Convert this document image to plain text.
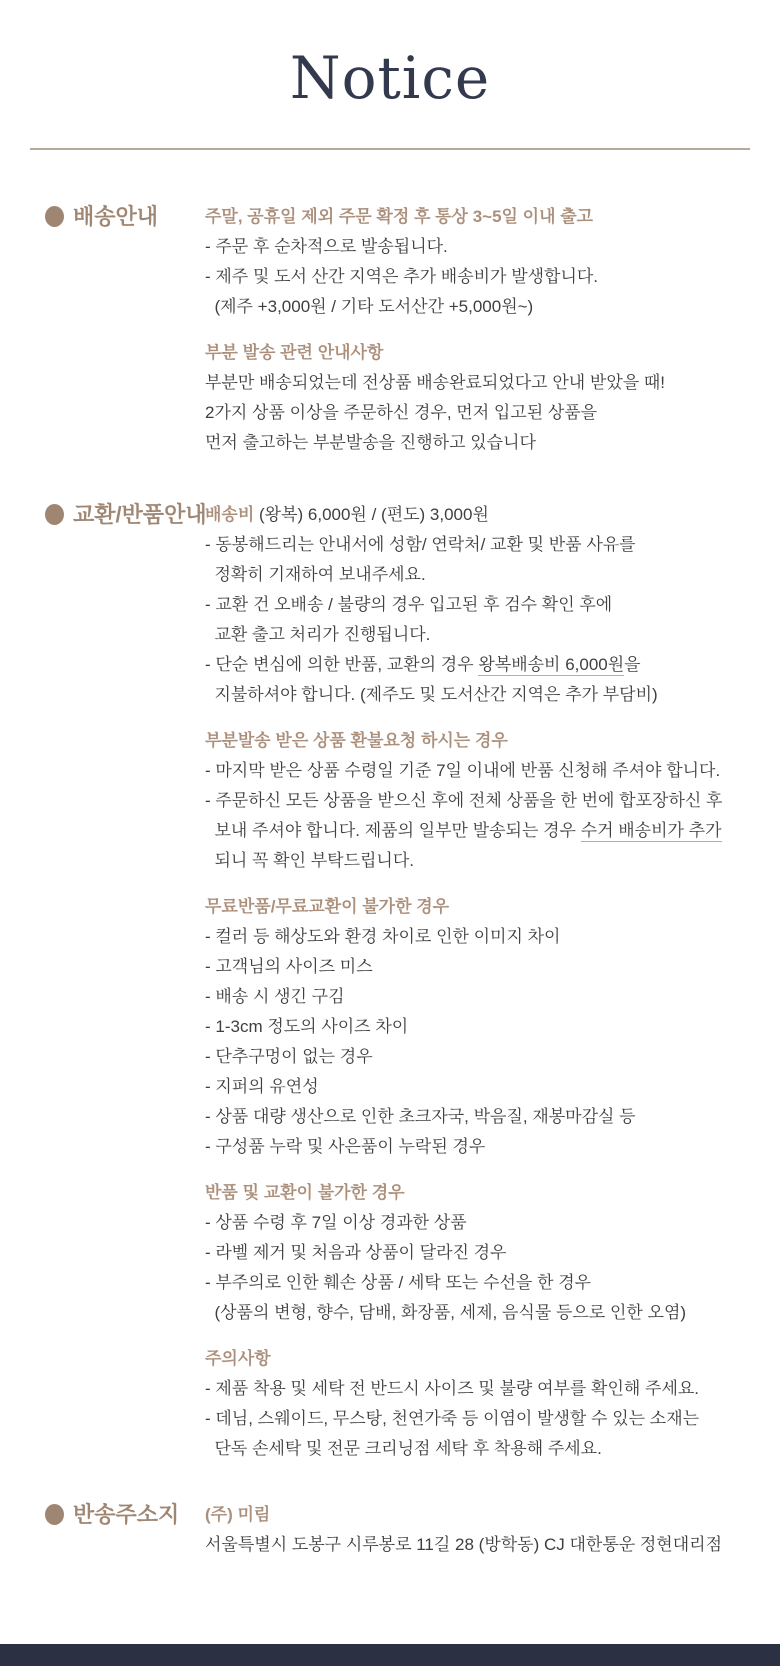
Notice
배송안내	주말, 공휴일 제외 주문 확정 후 통상 3~5일 이내 출고

- 주문 후 순차적으로 발송됩니다.

- 제주 및 도서 산간 지역은 추가 배송비가 발생합니다.

(제주 +3,000원 / 기타 도서산간 +5,000원~)

부분 발송 관련 안내사항

부분만 배송되었는데 전상품 배송완료되었다고 안내 받았을 때!

2가지 상품 이상을 주문하신 경우, 먼저 입고된 상품을

먼저 출고하는 부분발송을 진행하고 있습니다

교환/반품안내

배송비 (왕복) 6,000원 / (편도) 3,000원

- 동봉해드리는 안내서에 성함/ 연락처/ 교환 및 반품 사유를

정확히 기재하여 보내주세요.

- 교환 건 오배송 / 불량의 경우 입고된 후 검수 확인 후에

교환 출고 처리가 진행됩니다.

- 단순 변심에 의한 반품, 교환의 경우 왕복배송비 6,000원을

지불하셔야 합니다. (제주도 및 도서산간 지역은 추가 부담비)

부분발송 받은 상품 환불요청 하시는 경우

- 마지막 받은 상품 수령일 기준 7일 이내에 반품 신청해 주셔야 합니다.

- 주문하신 모든 상품을 받으신 후에 전체 상품을 한 번에 합포장하신 후

보내 주셔야 합니다. 제품의 일부만 발송되는 경우 수거 배송비가 추가

되니 꼭 확인 부탁드립니다.

무료반품/무료교환이 불가한 경우

- 컬러 등 해상도와 환경 차이로 인한 이미지 차이

- 고객님의 사이즈 미스

- 배송 시 생긴 구김

- 1-3cm 정도의 사이즈 차이

- 단추구멍이 없는 경우

- 지퍼의 유연성

- 상품 대량 생산으로 인한 초크자국, 박음질, 재봉마감실 등

- 구성품 누락 및 사은품이 누락된 경우

반품 및 교환이 불가한 경우

- 상품 수령 후 7일 이상 경과한 상품

- 라벨 제거 및 처음과 상품이 달라진 경우

- 부주의로 인한 훼손 상품 / 세탁 또는 수선을 한 경우

(상품의 변형, 향수, 담배, 화장품, 세제, 음식물 등으로 인한 오염)

주의사항

- 제품 착용 및 세탁 전 반드시 사이즈 및 불량 여부를 확인해 주세요.

- 데님, 스웨이드, 무스탕, 천연가죽 등 이염이 발생할 수 있는 소재는

단독 손세탁 및 전문 크리닝점 세탁 후 착용해 주세요.

반송주소지	(주) 미림

서울특별시 도봉구 시루봉로 11길 28 (방학동) CJ 대한통운 정현대리점
